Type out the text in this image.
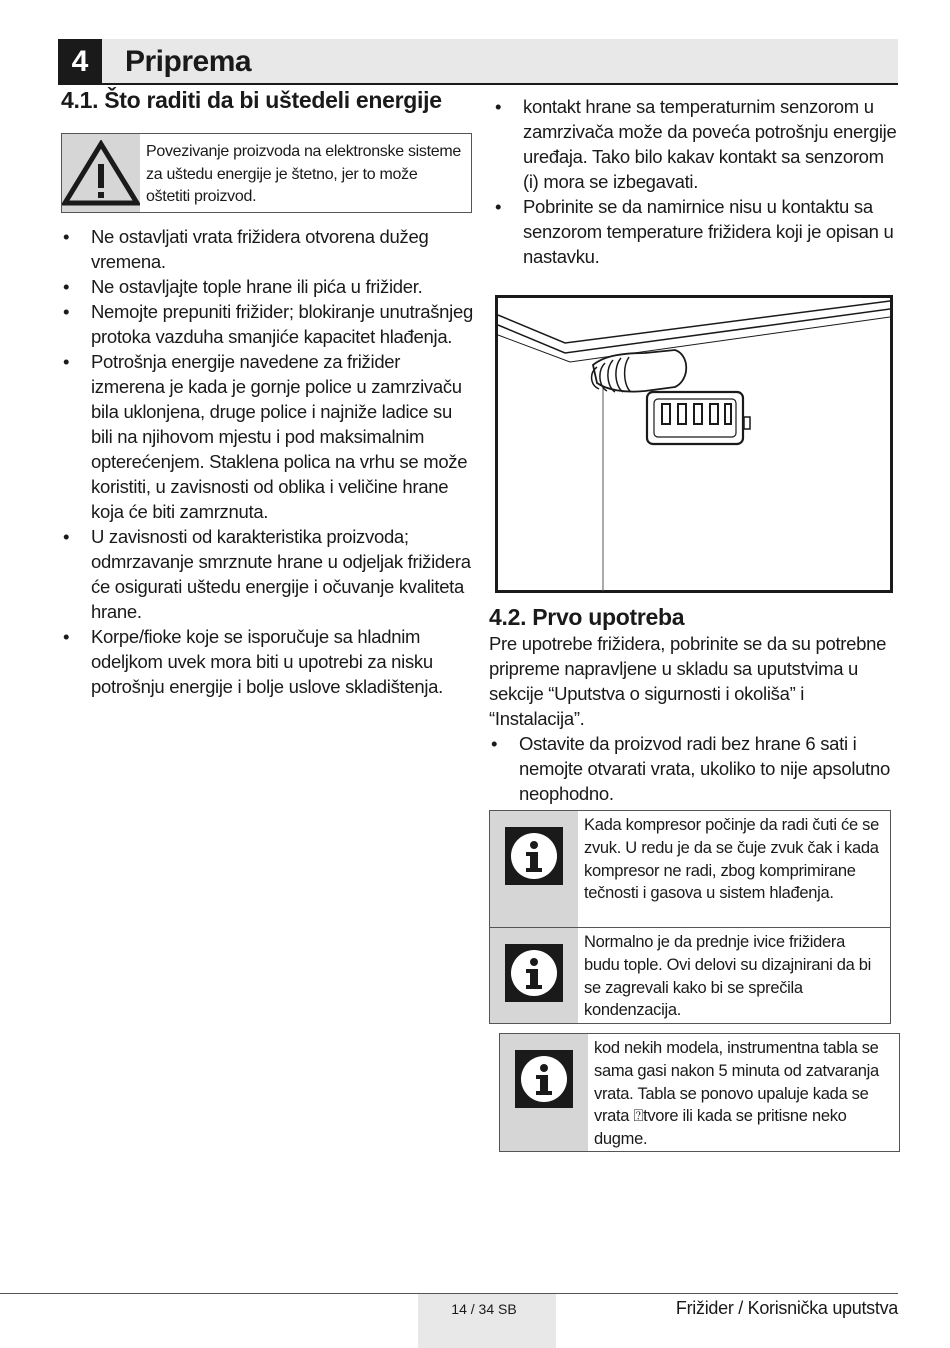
4	Priprema
4.1. Što raditi da bi uštedeli energije
Povezivanje proizvoda na elektronske sisteme za uštedu energije je štetno, jer to može oštetiti proizvod.
• Ne ostavljati vrata frižidera otvorena dužeg vremena.
• Ne ostavljajte tople hrane ili pića u frižider.
• Nemojte prepuniti frižider; blokiranje unutrašnjeg protoka vazduha smanjiće kapacitet hlađenja.
• Potrošnja energije navedene za frižider izmerena je kada je gornje police u zamrzivaču bila uklonjena, druge police i najniže ladice su bili na njihovom mjestu i pod maksimalnim opterećenjem. Staklena polica na vrhu se može koristiti, u zavisnosti od oblika i veličine hrane koja će biti zamrznuta.
• U zavisnosti od karakteristika proizvoda; odmrzavanje smrznute hrane u odjeljak frižidera će osigurati uštedu energije i očuvanje kvaliteta hrane.
• Korpe/fioke koje se isporučuje sa hladnim odeljkom uvek mora biti u upotrebi za nisku potrošnju energije i bolje uslove skladištenja.
• kontakt hrane sa temperaturnim senzorom u zamrzivača može da poveća potrošnju energije uređaja. Tako bilo kakav kontakt sa senzorom (i) mora se izbegavati.
• Pobrinite se da namirnice nisu u kontaktu sa senzorom temperature frižidera koji je opisan u nastavku.
4.2. Prvo upotreba
Pre upotrebe frižidera, pobrinite se da su potrebne pripreme napravljene u skladu sa uputstvima u sekcije “Uputstva o sigurnosti i okoliša” i “Instalacija”.
• Ostavite da proizvod radi bez hrane 6 sati i nemojte otvarati vrata, ukoliko to nije apsolutno neophodno.
Kada kompresor počinje da radi čuti će se zvuk. U redu je da se čuje zvuk čak i kada kompresor ne radi, zbog komprimirane tečnosti i gasova u sistem hlađenja.
Normalno je da prednje ivice frižidera budu tople. Ovi delovi su dizajnirani da bi se zagrevali kako bi se sprečila kondenzacija.
kod nekih modela, instrumentna tabla se sama gasi nakon 5 minuta od zatvaranja vrata. Tabla se ponovo upaluje kada se vrata ⍰tvore ili kada se pritisne neko dugme.
14 / 34 SB	Frižider / Korisnička uputstva
